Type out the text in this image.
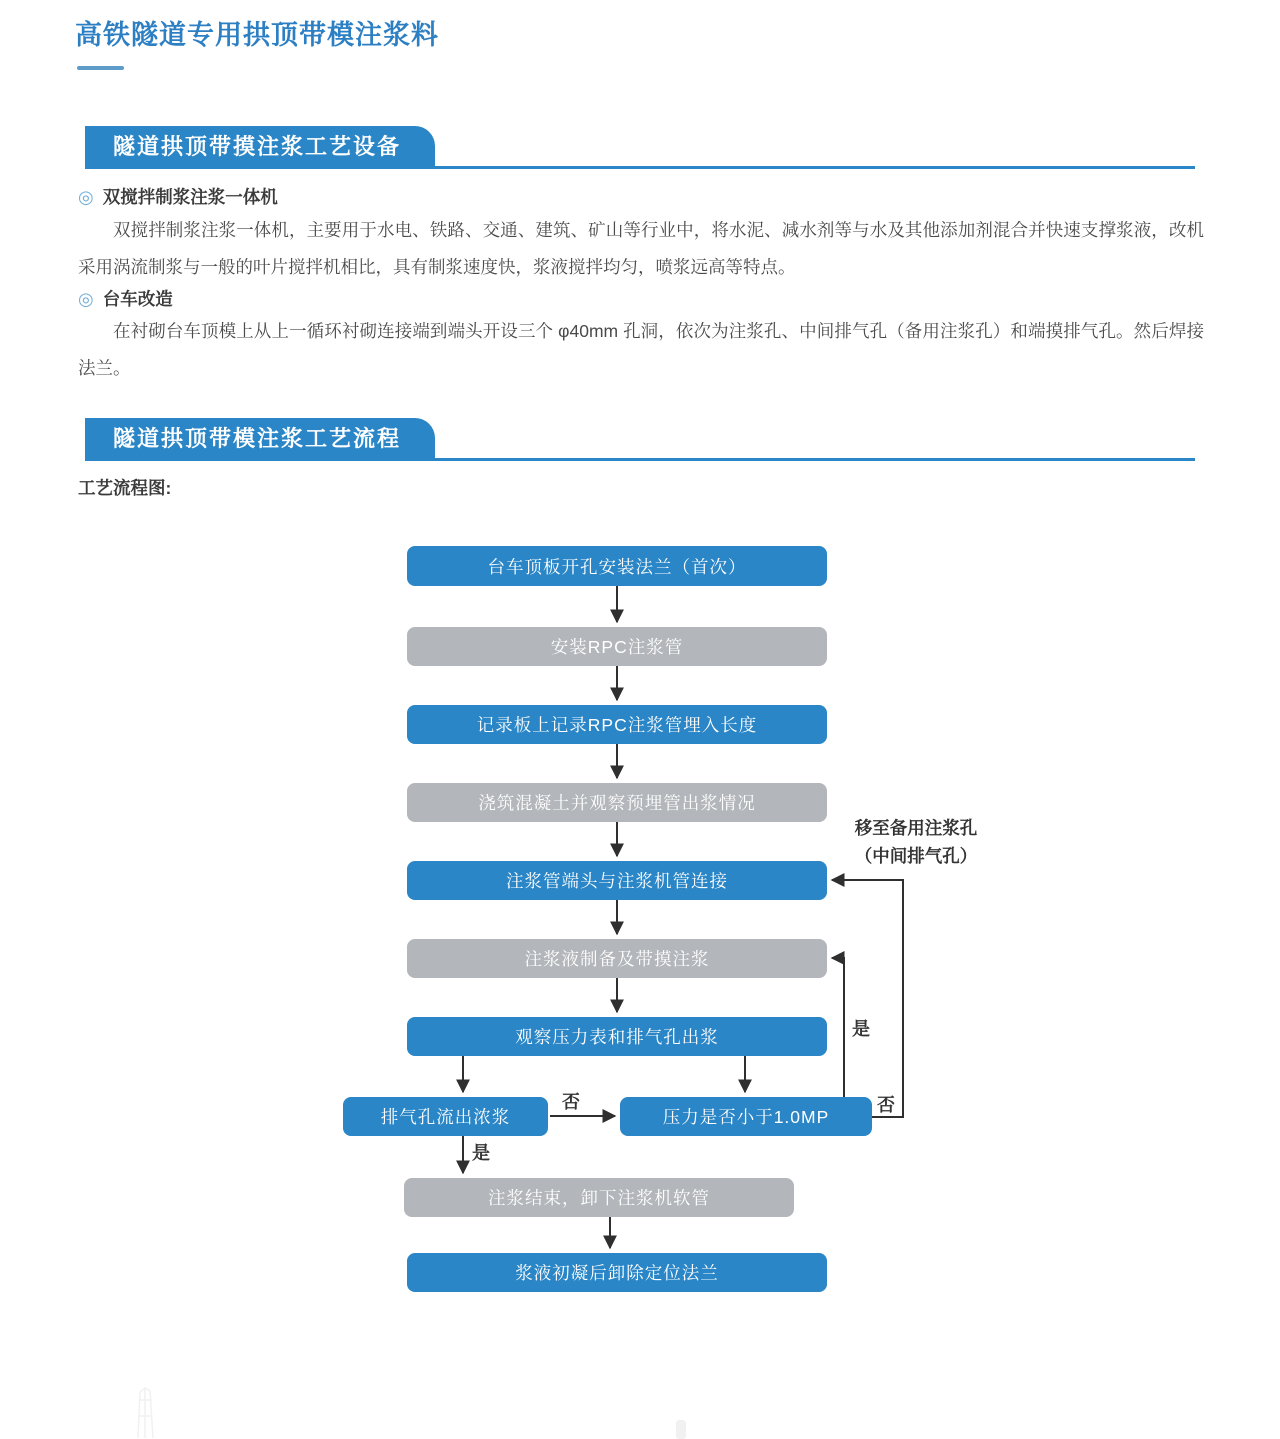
高铁隧道专用拱顶带模注浆料
隧道拱顶带摸注浆工艺设备
◎ 双搅拌制浆注浆一体机
双搅拌制浆注浆一体机，主要用于水电、铁路、交通、建筑、矿山等行业中，将水泥、减水剂等与水及其他添加剂混合并快速支撑浆液，改机采用涡流制浆与一般的叶片搅拌机相比，具有制浆速度快，浆液搅拌均匀，喷浆远高等特点。
◎ 台车改造
在衬砌台车顶模上从上一循环衬砌连接端到端头开设三个 φ40mm 孔洞，依次为注浆孔、中间排气孔（备用注浆孔）和端摸排气孔。然后焊接法兰。
隧道拱顶带模注浆工艺流程
工艺流程图:
台车顶板开孔安装法兰（首次）
安装RPC注浆管
记录板上记录RPC注浆管埋入长度
浇筑混凝土并观察预埋管出浆情况
注浆管端头与注浆机管连接
注浆液制备及带摸注浆
观察压力表和排气孔出浆
排气孔流出浓浆	压力是否小于1.0MP
注浆结束，卸下注浆机软管
浆液初凝后卸除定位法兰
否
是
是
否
移至备用注浆孔
（中间排气孔）
